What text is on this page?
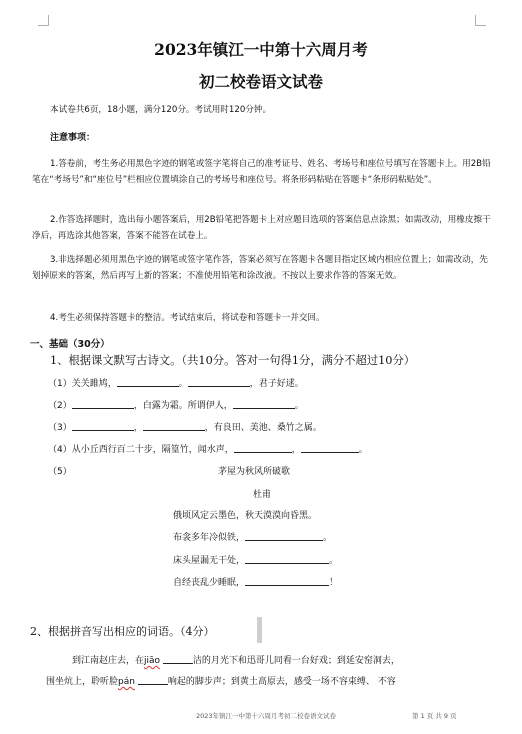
2023年镇江一中第十六周月考
初二校卷语文试卷
本试卷共6页，18小题，满分120分。考试用时120分钟。
注意事项：
1.答卷前，考生务必用黑色字迹的钢笔或签字笔将自己的准考证号、姓名、考场号和座位号填写在答题卡上。用2B铅笔在“考场号”和“座位号”栏相应位置填涂自己的考场号和座位号。将条形码粘贴在答题卡“条形码粘贴处”。
2.作答选择题时，选出每小题答案后，用2B铅笔把答题卡上对应题目选项的答案信息点涂黑；如需改动，用橡皮擦干净后，再选涂其他答案，答案不能答在试卷上。
3.非选择题必须用黑色字迹的钢笔或签字笔作答，答案必须写在答题卡各题目指定区域内相应位置上；如需改动，先划掉原来的答案，然后再写上新的答案；不准使用铅笔和涂改液。不按以上要求作答的答案无效。
4.考生必须保持答题卡的整洁。考试结束后，将试卷和答题卡一并交回。
一、基础（30分）
1、根据课文默写古诗文。（共10分。答对一句得1分，满分不超过10分）
（1）关关雎鸠，	。	，君子好逑。
（2）	，白露为霜。所谓伊人，	。
（3）	，	，有良田、美池、桑竹之属。
（4）从小丘西行百二十步，隔篁竹，闻水声，	，	。
（5）	茅屋为秋风所破歌
杜甫
俄顷风定云墨色，秋天漠漠向昏黑。
布衾多年冷似铁，	。
床头屋漏无干处，	。
自经丧乱少睡眠，	！
2、根据拼音写出相应的词语。（4分）
到江南赵庄去，在jiāo	洁的月光下和迅哥儿同看一台好戏；到延安窑洞去，
围坐炕上，聆听脸pán	响起的脚步声；到黄土高原去，感受一场不容束缚、 不容
2023年镇江一中第十六周月考初二校卷语文试卷	第 1 页 共 9 页
